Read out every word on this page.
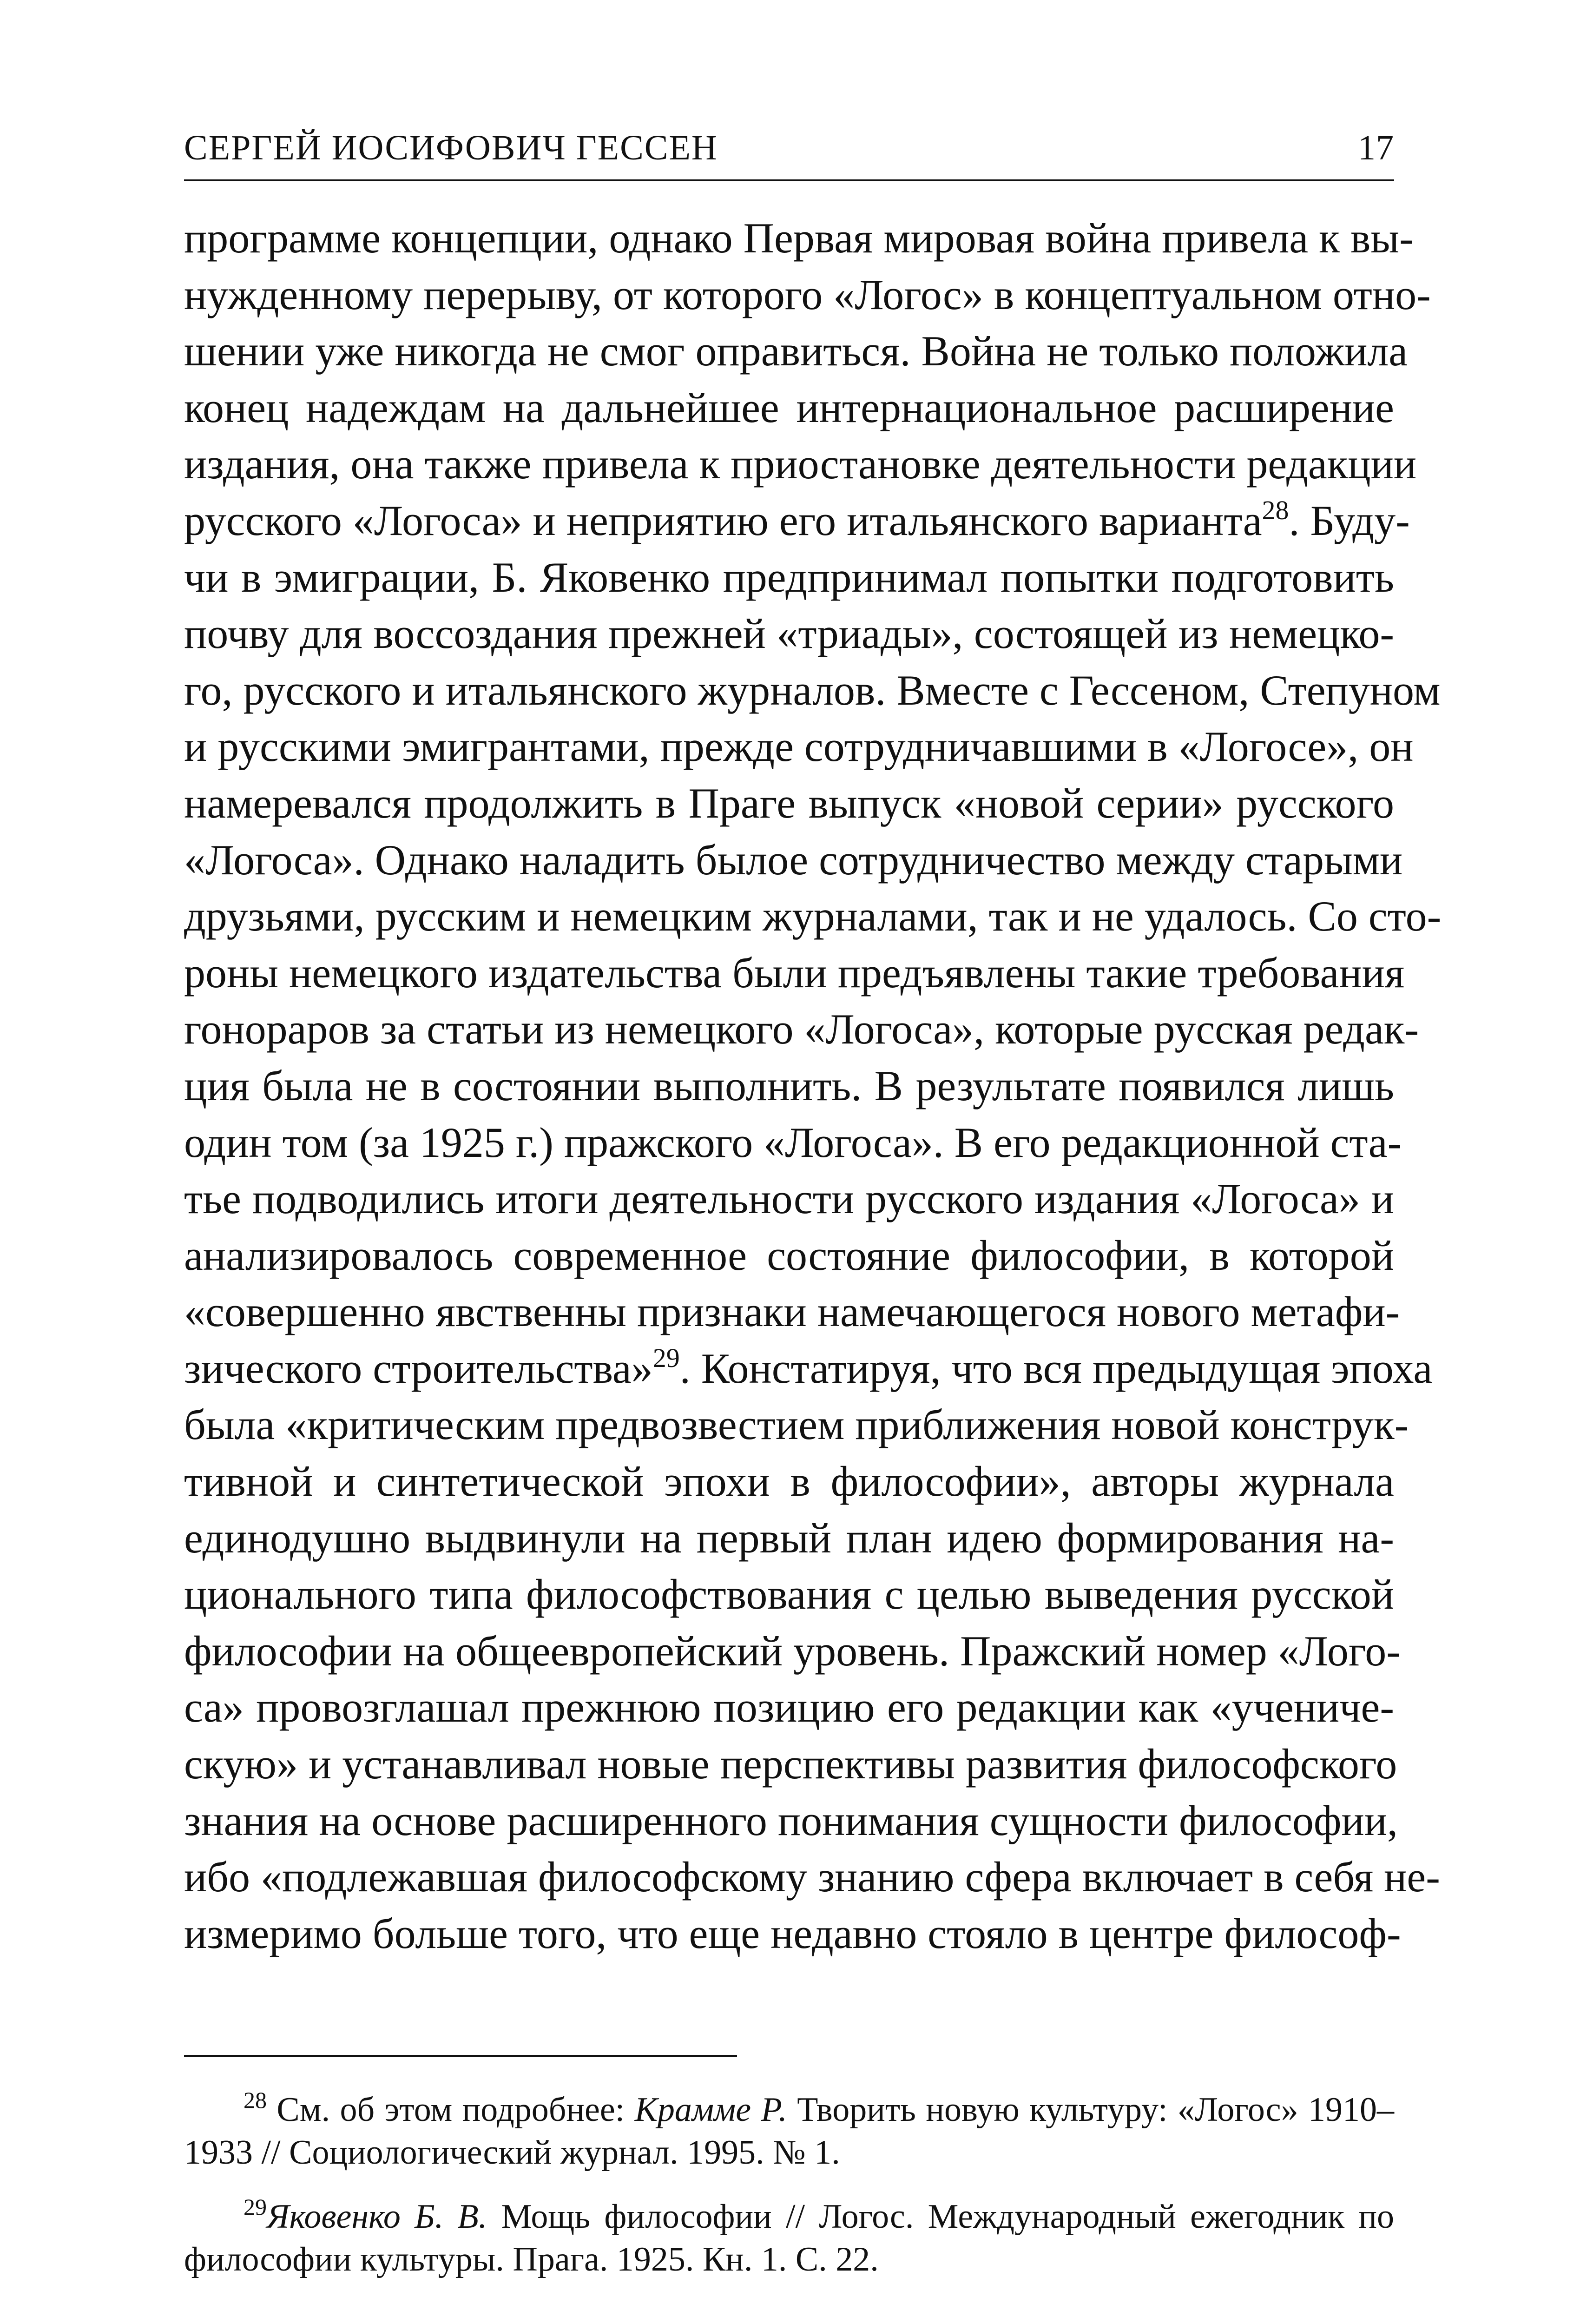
СЕРГЕЙ ИОСИФОВИЧ ГЕССЕН	17
программе концепции, однако Первая мировая война привела к вы-
нужденному перерыву, от которого «Логос» в концептуальном отно-
шении уже никогда не смог оправиться. Война не только положила
конец надеждам на дальнейшее интернациональное расширение
издания, она также привела к приостановке деятельности редакции
русского «Логоса» и неприятию его итальянского варианта$^{28}$. Буду-
чи в эмиграции, Б. Яковенко предпринимал попытки подготовить
почву для воссоздания прежней «триады», состоящей из немецко-
го, русского и итальянского журналов. Вместе с Гессеном, Степуном
и русскими эмигрантами, прежде сотрудничавшими в «Логосе», он
намеревался продолжить в Праге выпуск «новой серии» русского
«Логоса». Однако наладить былое сотрудничество между старыми
друзьями, русским и немецким журналами, так и не удалось. Со сто-
роны немецкого издательства были предъявлены такие требования
гонораров за статьи из немецкого «Логоса», которые русская редак-
ция была не в состоянии выполнить. В результате появился лишь
один том (за 1925 г.) пражского «Логоса». В его редакционной ста-
тье подводились итоги деятельности русского издания «Логоса» и
анализировалось современное состояние философии, в которой
«совершенно явственны признаки намечающегося нового метафи-
зического строительства»$^{29}$. Констатируя, что вся предыдущая эпоха
была «критическим предвозвестием приближения новой конструк-
тивной и синтетической эпохи в философии», авторы журнала
единодушно выдвинули на первый план идею формирования на-
ционального типа философствования с целью выведения русской
философии на общеевропейский уровень. Пражский номер «Лого-
са» провозглашал прежнюю позицию его редакции как «учениче-
скую» и устанавливал новые перспективы развития философского
знания на основе расширенного понимания сущности философии,
ибо «подлежавшая философскому знанию сфера включает в себя не-
измеримо больше того, что еще недавно стояло в центре философ-
$^{28}$ См. об этом подробнее: Крамме Р. Творить новую культуру: «Логос» 1910–
1933 // Социологический журнал. 1995. № 1.
$^{29}$Яковенко Б. В. Мощь философии // Логос. Международный ежегодник по
философии культуры. Прага. 1925. Кн. 1. С. 22.
